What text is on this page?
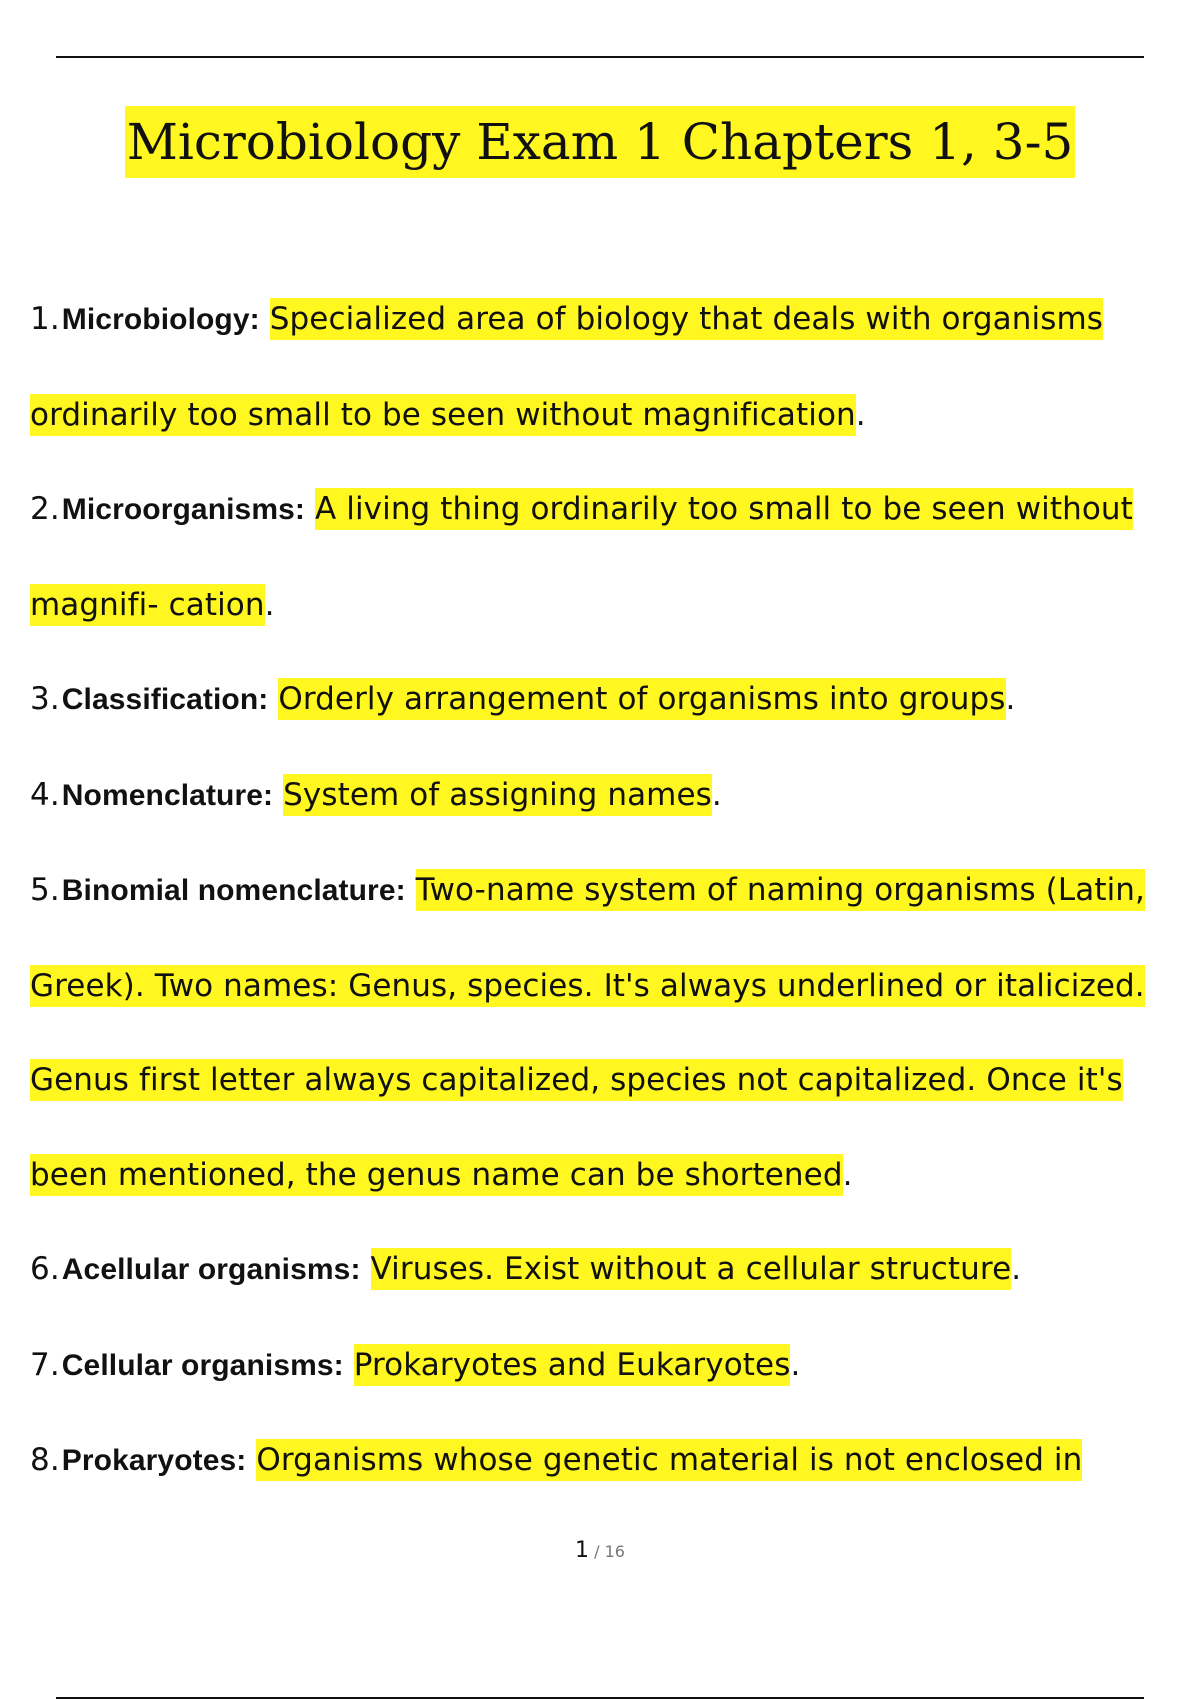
Microbiology Exam 1 Chapters 1, 3-5

1.Microbiology: Specialized area of biology that deals with organisms ordinarily too small to be seen without magnification.

2.Microorganisms: A living thing ordinarily too small to be seen without magnifi- cation.

3.Classification: Orderly arrangement of organisms into groups.

4.Nomenclature: System of assigning names.

5.Binomial nomenclature: Two-name system of naming organisms (Latin, Greek). Two names: Genus, species. It's always underlined or italicized. Genus first letter always capitalized, species not capitalized. Once it's been mentioned, the genus name can be shortened.

6.Acellular organisms: Viruses. Exist without a cellular structure.

7.Cellular organisms: Prokaryotes and Eukaryotes.

8.Prokaryotes: Organisms whose genetic material is not enclosed in

1 / 16
